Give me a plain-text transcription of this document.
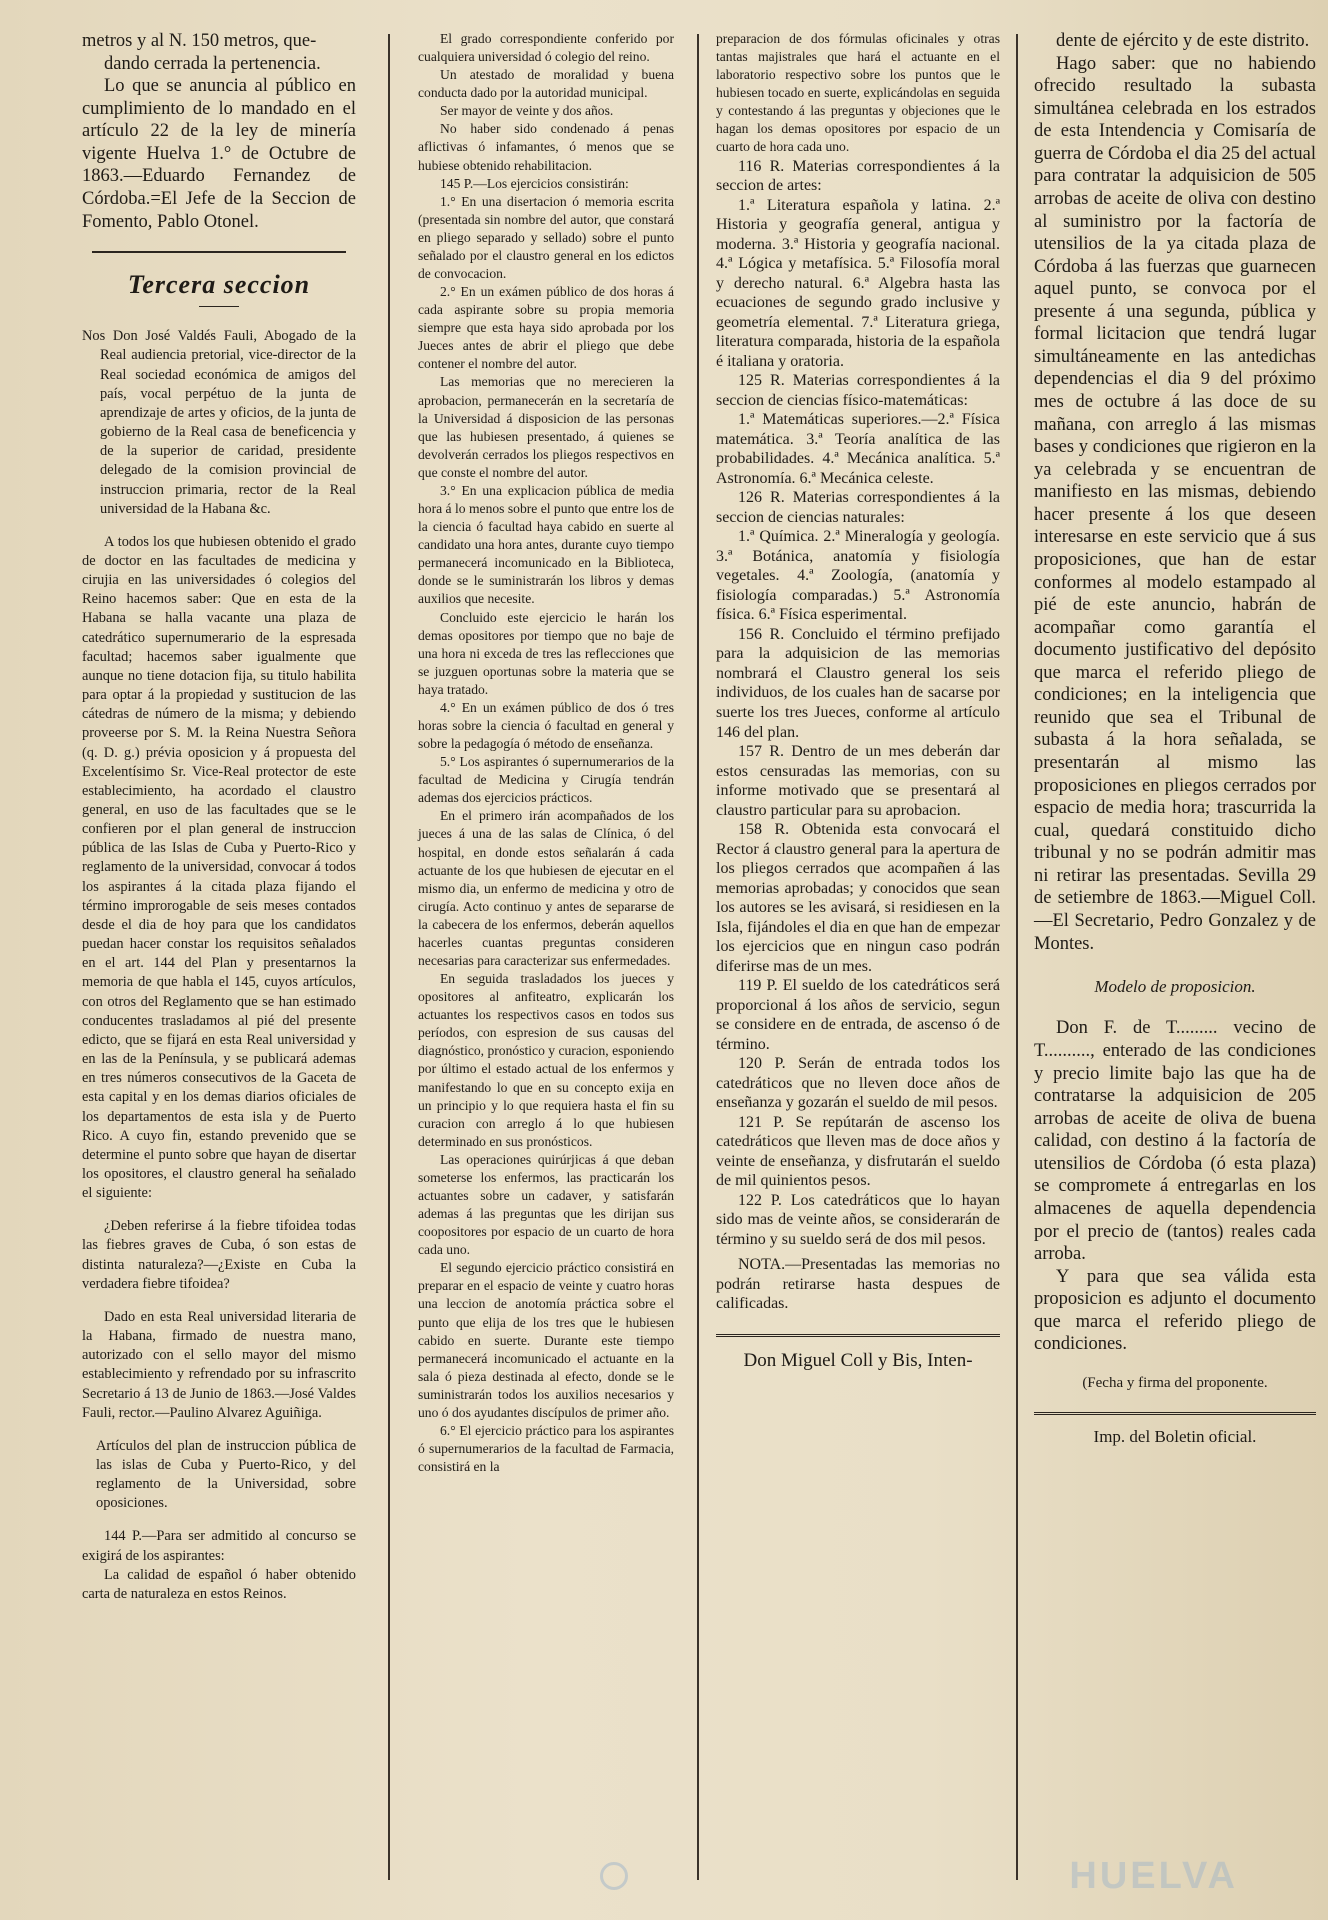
metros y al N. 150 metros, que-

dando cerrada la pertenencia.

Lo que se anuncia al público en cumplimiento de lo mandado en el artículo 22 de la ley de minería vigente Huelva 1.° de Octubre de 1863.—Eduardo Fernandez de Córdoba.=El Jefe de la Seccion de Fomento, Pablo Otonel.

Tercera seccion

Nos Don José Valdés Fauli, Abogado de la Real audiencia pretorial, vice-director de la Real sociedad económica de amigos del país, vocal perpétuo de la junta de aprendizaje de artes y oficios, de la junta de gobierno de la Real casa de beneficencia y de la superior de caridad, presidente delegado de la comision provincial de instruccion primaria, rector de la Real universidad de la Habana &c.

A todos los que hubiesen obtenido el grado de doctor en las facultades de medicina y cirujia en las universidades ó colegios del Reino hacemos saber: Que en esta de la Habana se halla vacante una plaza de catedrático supernumerario de la espresada facultad; hacemos saber igualmente que aunque no tiene dotacion fija, su titulo habilita para optar á la propiedad y sustitucion de las cátedras de número de la misma; y debiendo proveerse por S. M. la Reina Nuestra Señora (q. D. g.) prévia oposicion y á propuesta del Excelentísimo Sr. Vice-Real protector de este establecimiento, ha acordado el claustro general, en uso de las facultades que se le confieren por el plan general de instruccion pública de las Islas de Cuba y Puerto-Rico y reglamento de la universidad, convocar á todos los aspirantes á la citada plaza fijando el término improrogable de seis meses contados desde el dia de hoy para que los candidatos puedan hacer constar los requisitos señalados en el art. 144 del Plan y presentarnos la memoria de que habla el 145, cuyos artículos, con otros del Reglamento que se han estimado conducentes trasladamos al pié del presente edicto, que se fijará en esta Real universidad y en las de la Península, y se publicará ademas en tres números consecutivos de la Gaceta de esta capital y en los demas diarios oficiales de los departamentos de esta isla y de Puerto Rico. A cuyo fin, estando prevenido que se determine el punto sobre que hayan de disertar los opositores, el claustro general ha señalado el siguiente:

¿Deben referirse á la fiebre tifoidea todas las fiebres graves de Cuba, ó son estas de distinta naturaleza?—¿Existe en Cuba la verdadera fiebre tifoidea?

Dado en esta Real universidad literaria de la Habana, firmado de nuestra mano, autorizado con el sello mayor del mismo establecimiento y refrendado por su infrascrito Secretario á 13 de Junio de 1863.—José Valdes Fauli, rector.—Paulino Alvarez Aguiñiga.

Artículos del plan de instruccion pública de las islas de Cuba y Puerto-Rico, y del reglamento de la Universidad, sobre oposiciones.

144 P.—Para ser admitido al concurso se exigirá de los aspirantes:

La calidad de español ó haber obtenido carta de naturaleza en estos Reinos.

El grado correspondiente conferido por cualquiera universidad ó colegio del reino.

Un atestado de moralidad y buena conducta dado por la autoridad municipal.

Ser mayor de veinte y dos años.

No haber sido condenado á penas aflictivas ó infamantes, ó menos que se hubiese obtenido rehabilitacion.

145 P.—Los ejercicios consistirán:

1.° En una disertacion ó memoria escrita (presentada sin nombre del autor, que constará en pliego separado y sellado) sobre el punto señalado por el claustro general en los edictos de convocacion.

2.° En un exámen público de dos horas á cada aspirante sobre su propia memoria siempre que esta haya sido aprobada por los Jueces antes de abrir el pliego que debe contener el nombre del autor.

Las memorias que no merecieren la aprobacion, permanecerán en la secretaría de la Universidad á disposicion de las personas que las hubiesen presentado, á quienes se devolverán cerrados los pliegos respectivos en que conste el nombre del autor.

3.° En una explicacion pública de media hora á lo menos sobre el punto que entre los de la ciencia ó facultad haya cabido en suerte al candidato una hora antes, durante cuyo tiempo permanecerá incomunicado en la Biblioteca, donde se le suministrarán los libros y demas auxilios que necesite.

Concluido este ejercicio le harán los demas opositores por tiempo que no baje de una hora ni exceda de tres las reflecciones que se juzguen oportunas sobre la materia que se haya tratado.

4.° En un exámen público de dos ó tres horas sobre la ciencia ó facultad en general y sobre la pedagogía ó método de enseñanza.

5.° Los aspirantes ó supernumerarios de la facultad de Medicina y Cirugía tendrán ademas dos ejercicios prácticos.

En el primero irán acompañados de los jueces á una de las salas de Clínica, ó del hospital, en donde estos señalarán á cada actuante de los que hubiesen de ejecutar en el mismo dia, un enfermo de medicina y otro de cirugía. Acto continuo y antes de separarse de la cabecera de los enfermos, deberán aquellos hacerles cuantas preguntas consideren necesarias para caracterizar sus enfermedades.

En seguida trasladados los jueces y opositores al anfiteatro, explicarán los actuantes los respectivos casos en todos sus períodos, con espresion de sus causas del diagnóstico, pronóstico y curacion, esponiendo por último el estado actual de los enfermos y manifestando lo que en su concepto exija en un principio y lo que requiera hasta el fin su curacion con arreglo á lo que hubiesen determinado en sus pronósticos.

Las operaciones quirúrjicas á que deban someterse los enfermos, las practicarán los actuantes sobre un cadaver, y satisfarán ademas á las preguntas que les dirijan sus coopositores por espacio de un cuarto de hora cada uno.

El segundo ejercicio práctico consistirá en preparar en el espacio de veinte y cuatro horas una leccion de anotomía práctica sobre el punto que elija de los tres que le hubiesen cabido en suerte. Durante este tiempo permanecerá incomunicado el actuante en la sala ó pieza destinada al efecto, donde se le suministrarán todos los auxilios necesarios y uno ó dos ayudantes discípulos de primer año.

6.° El ejercicio práctico para los aspirantes ó supernumerarios de la facultad de Farmacia, consistirá en la

preparacion de dos fórmulas oficinales y otras tantas majistrales que hará el actuante en el laboratorio respectivo sobre los puntos que le hubiesen tocado en suerte, explicándolas en seguida y contestando á las preguntas y objeciones que le hagan los demas opositores por espacio de un cuarto de hora cada uno.

116 R. Materias correspondientes á la seccion de artes:

1.ª Literatura española y latina. 2.ª Historia y geografía general, antigua y moderna. 3.ª Historia y geografía nacional. 4.ª Lógica y metafísica. 5.ª Filosofía moral y derecho natural. 6.ª Algebra hasta las ecuaciones de segundo grado inclusive y geometría elemental. 7.ª Literatura griega, literatura comparada, historia de la española é italiana y oratoria.

125 R. Materias correspondientes á la seccion de ciencias físico-matemáticas:

1.ª Matemáticas superiores.—2.ª Física matemática. 3.ª Teoría analítica de las probabilidades. 4.ª Mecánica analítica. 5.ª Astronomía. 6.ª Mecánica celeste.

126 R. Materias correspondientes á la seccion de ciencias naturales:

1.ª Química. 2.ª Mineralogía y geología. 3.ª Botánica, anatomía y fisiología vegetales. 4.ª Zoología, (anatomía y fisiología comparadas.) 5.ª Astronomía física. 6.ª Física esperimental.

156 R. Concluido el término prefijado para la adquisicion de las memorias nombrará el Claustro general los seis individuos, de los cuales han de sacarse por suerte los tres Jueces, conforme al artículo 146 del plan.

157 R. Dentro de un mes deberán dar estos censuradas las memorias, con su informe motivado que se presentará al claustro particular para su aprobacion.

158 R. Obtenida esta convocará el Rector á claustro general para la apertura de los pliegos cerrados que acompañen á las memorias aprobadas; y conocidos que sean los autores se les avisará, si residiesen en la Isla, fijándoles el dia en que han de empezar los ejercicios que en ningun caso podrán diferirse mas de un mes.

119 P. El sueldo de los catedráticos será proporcional á los años de servicio, segun se considere en de entrada, de ascenso ó de término.

120 P. Serán de entrada todos los catedráticos que no lleven doce años de enseñanza y gozarán el sueldo de mil pesos.

121 P. Se repútarán de ascenso los catedráticos que lleven mas de doce años y veinte de enseñanza, y disfrutarán el sueldo de mil quinientos pesos.

122 P. Los catedráticos que lo hayan sido mas de veinte años, se considerarán de término y su sueldo será de dos mil pesos.

NOTA.—Presentadas las memorias no podrán retirarse hasta despues de calificadas.

Don Miguel Coll y Bis, Inten-

dente de ejército y de este distrito.

Hago saber: que no habiendo ofrecido resultado la subasta simultánea celebrada en los estrados de esta Intendencia y Comisaría de guerra de Córdoba el dia 25 del actual para contratar la adquisicion de 505 arrobas de aceite de oliva con destino al suministro por la factoría de utensilios de la ya citada plaza de Córdoba á las fuerzas que guarnecen aquel punto, se convoca por el presente á una segunda, pública y formal licitacion que tendrá lugar simultáneamente en las antedichas dependencias el dia 9 del próximo mes de octubre á las doce de su mañana, con arreglo á las mismas bases y condiciones que rigieron en la ya celebrada y se encuentran de manifiesto en las mismas, debiendo hacer presente á los que deseen interesarse en este servicio que á sus proposiciones, que han de estar conformes al modelo estampado al pié de este anuncio, habrán de acompañar como garantía el documento justificativo del depósito que marca el referido pliego de condiciones; en la inteligencia que reunido que sea el Tribunal de subasta á la hora señalada, se presentarán al mismo las proposiciones en pliegos cerrados por espacio de media hora; trascurrida la cual, quedará constituido dicho tribunal y no se podrán admitir mas ni retirar las presentadas. Sevilla 29 de setiembre de 1863.—Miguel Coll.—El Secretario, Pedro Gonzalez y de Montes.

Modelo de proposicion.

Don F. de T......... vecino de T.........., enterado de las condiciones y precio limite bajo las que ha de contratarse la adquisicion de 205 arrobas de aceite de oliva de buena calidad, con destino á la factoría de utensilios de Córdoba (ó esta plaza) se compromete á entregarlas en los almacenes de aquella dependencia por el precio de (tantos) reales cada arroba.

Y para que sea válida esta proposicion es adjunto el documento que marca el referido pliego de condiciones.

(Fecha y firma del proponente.

Imp. del Boletin oficial.

HUELVA
